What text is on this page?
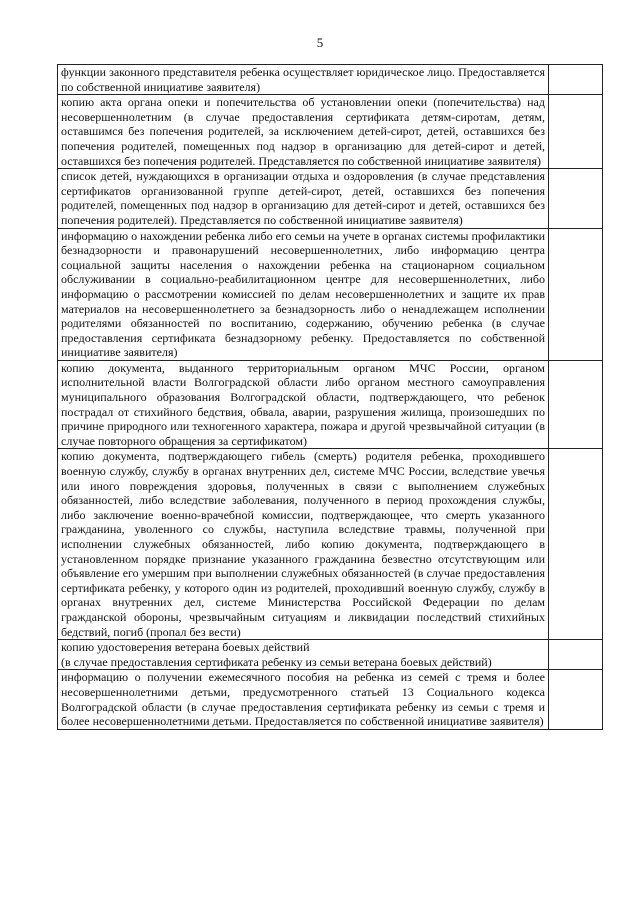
5
функции законного представителя ребенка осуществляет юридическое лицо. Предоставляется по собственной инициативе заявителя)	
копию акта органа опеки и попечительства об установлении опеки (попечительства) над несовершеннолетним (в случае предоставления сертификата детям-сиротам, детям, оставшимся без попечения родителей, за исключением детей-сирот, детей, оставшихся без попечения родителей, помещенных под надзор в организацию для детей-сирот и детей, оставшихся без попечения родителей. Представляется по собственной инициативе заявителя)	
список детей, нуждающихся в организации отдыха и оздоровления (в случае представления сертификатов организованной группе детей-сирот, детей, оставшихся без попечения родителей, помещенных под надзор в организацию для детей-сирот и детей, оставшихся без попечения родителей). Представляется по собственной инициативе заявителя)	
информацию о нахождении ребенка либо его семьи на учете в органах системы профилактики безнадзорности и правонарушений несовершеннолетних, либо информацию центра социальной защиты населения о нахождении ребенка на стационарном социальном обслуживании в социально-реабилитационном центре для несовершеннолетних, либо информацию о рассмотрении комиссией по делам несовершеннолетних и защите их прав материалов на несовершеннолетнего за безнадзорность либо о ненадлежащем исполнении родителями обязанностей по воспитанию, содержанию, обучению ребенка (в случае предоставления сертификата безнадзорному ребенку. Предоставляется по собственной инициативе заявителя)	
копию документа, выданного территориальным органом МЧС России, органом исполнительной власти Волгоградской области либо органом местного самоуправления муниципального образования Волгоградской области, подтверждающего, что ребенок пострадал от стихийного бедствия, обвала, аварии, разрушения жилища, произошедших по причине природного или техногенного характера, пожара и другой чрезвычайной ситуации (в случае повторного обращения за сертификатом)	
копию документа, подтверждающего гибель (смерть) родителя ребенка, проходившего военную службу, службу в органах внутренних дел, системе МЧС России, вследствие увечья или иного повреждения здоровья, полученных в связи с выполнением служебных обязанностей, либо вследствие заболевания, полученного в период прохождения службы, либо заключение военно-врачебной комиссии, подтверждающее, что смерть указанного гражданина, уволенного со службы, наступила вследствие травмы, полученной при исполнении служебных обязанностей, либо копию документа, подтверждающего в установленном порядке признание указанного гражданина безвестно отсутствующим или объявление его умершим при выполнении служебных обязанностей (в случае предоставления сертификата ребенку, у которого один из родителей, проходивший военную службу, службу в органах внутренних дел, системе Министерства Российской Федерации по делам гражданской обороны, чрезвычайным ситуациям и ликвидации последствий стихийных бедствий, погиб (пропал без вести)	

копию удостоверения ветерана боевых действий
(в случае предоставления сертификата ребенку из семьи ветерана боевых действий)	

информацию о получении ежемесячного пособия на ребенка из семей с тремя и более несовершеннолетними детьми, предусмотренного статьей 13 Социального кодекса Волгоградской области (в случае предоставления сертификата ребенку из семьи с тремя и более несовершеннолетними детьми. Предоставляется по собственной инициативе заявителя)	
